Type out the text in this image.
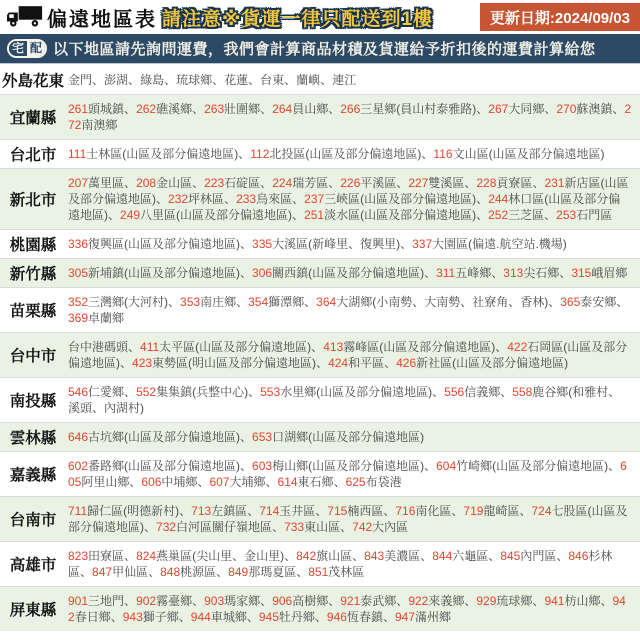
偏遠地區表 請注意※貨運一律只配送到1樓	更新日期:2024/09/03
宅 配 以下地區請先詢問運費，我們會計算商品材積及貨運給予折扣後的運費計算給您
外島花東 金門、澎湖、綠島、琉球鄉、花蓮、台東、蘭嶼、連江
宜蘭縣
261頭城鎮、262礁溪鄉、263壯圍鄉、264員山鄉、266三星鄉(員山村泰雅路)、267大同鄉、270蘇澳鎮、272南澳鄉
台北市 111士林區(山區及部分偏遠地區)、112北投區(山區及部分偏遠地區)、116文山區(山區及部分偏遠地區)
新北市
207萬里區、208金山區、223石碇區、224瑞芳區、226平溪區、227雙溪區、228貢寮區、231新店區(山區及部分偏遠地區)、232坪林區、233烏來區、237三峽區(山區及部分偏遠地區)、244林口區(山區及部分偏遠地區)、249八里區(山區及部分偏遠地區)、251淡水區(山區及部分偏遠地區)、252三芝區、253石門區
桃園縣 336復興區(山區及部分偏遠地區)、335大溪區(新峰里、復興里)、337大園區(偏遠.航空站.機場)
新竹縣 305新埔鎮(山區及部分偏遠地區)、306關西鎮(山區及部分偏遠地區)、311五峰鄉、313尖石鄉、315峨眉鄉
苗栗縣
352三灣鄉(大河村)、353南庄鄉、354獅潭鄉、364大湖鄉(小南勢、大南勢、社寮角、香林)、365泰安鄉、369卓蘭鄉
台中市
台中港碼頭、411太平區(山區及部分偏遠地區)、413霧峰區(山區及部分偏遠地區)、422石岡區(山區及部分偏遠地區)、423東勢區(明山區及部分偏遠地區)、424和平區、426新社區(山區及部分偏遠地區)
南投縣
546仁愛鄉、552集集鎮(兵整中心)、553水里鄉(山區及部分偏遠地區)、556信義鄉、558鹿谷鄉(和雅村、溪頭、內湖村)
雲林縣 646古坑鄉(山區及部分偏遠地區)、653口湖鄉(山區及部分偏遠地區)
嘉義縣
602番路鄉(山區及部分偏遠地區)、603梅山鄉(山區及部分偏遠地區)、604竹崎鄉(山區及部分偏遠地區)、605阿里山鄉、606中埔鄉、607大埔鄉、614東石鄉、625布袋港
台南市
711歸仁區(明德新村)、713左鎮區、714玉井區、715楠西區、716南化區、719龍崎區、724七股區(山區及部分偏遠地區)、732白河區關仔嶺地區、733東山區、742大內區
高雄市
823田寮區、824燕巢區(尖山里、金山里)、842旗山區、843美濃區、844六龜區、845內門區、846杉林區、847甲仙區、848桃源區、849那瑪夏區、851茂林區
屏東縣
901三地門、902霧臺鄉、903瑪家鄉、906高樹鄉、921泰武鄉、922來義鄉、929琉球鄉、941枋山鄉、942春日鄉、943獅子鄉、944車城鄉、945牡丹鄉、946恆春鎮、947滿州鄉
